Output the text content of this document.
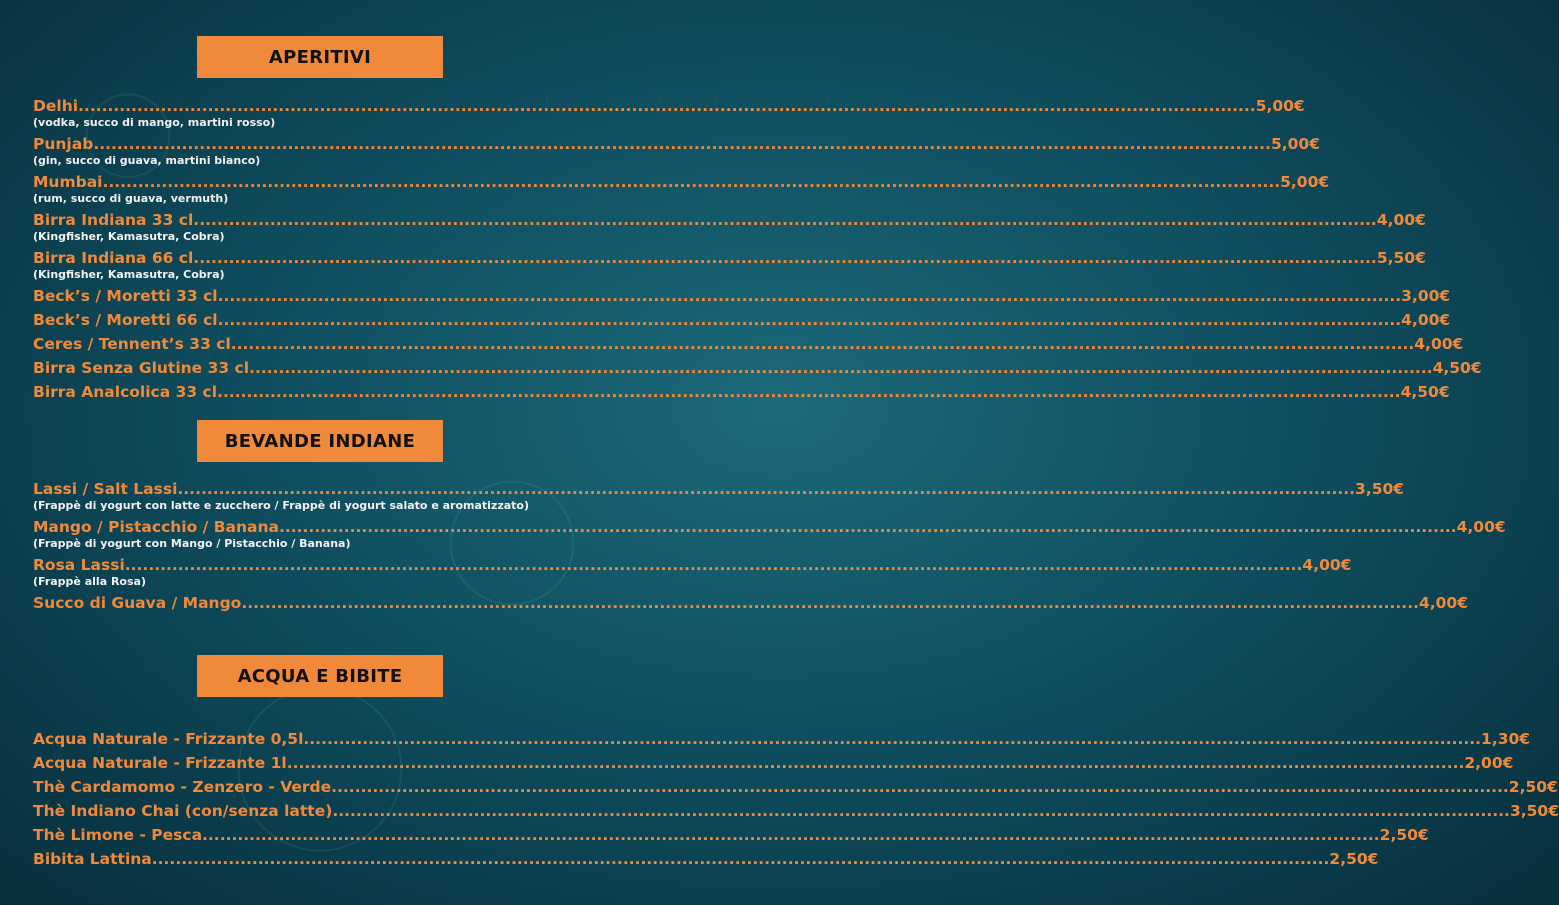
APERITIVI
Delhi ........................................................................................................................................................................................................ 5,00€
(vodka, succo di mango, martini rosso)
Punjab ........................................................................................................................................................................................................ 5,00€
(gin, succo di guava, martini bianco)
Mumbai ........................................................................................................................................................................................................ 5,00€
(rum, succo di guava, vermuth)
Birra Indiana 33 cl. ........................................................................................................................................................................................................ 4,00€
(Kingfisher, Kamasutra, Cobra)
Birra Indiana 66 cl. ........................................................................................................................................................................................................ 5,50€
(Kingfisher, Kamasutra, Cobra)
Beck’s / Moretti 33 cl. ........................................................................................................................................................................................................ 3,00€
Beck’s / Moretti 66 cl. ........................................................................................................................................................................................................ 4,00€
Ceres / Tennent’s 33 cl. ........................................................................................................................................................................................................ 4,00€
Birra Senza Glutine 33 cl. ........................................................................................................................................................................................................ 4,50€
Birra Analcolica 33 cl. ........................................................................................................................................................................................................ 4,50€
BEVANDE INDIANE
Lassi / Salt Lassi ........................................................................................................................................................................................................ 3,50€
(Frappè di yogurt con latte e zucchero / Frappè di yogurt salato e aromatizzato)
Mango / Pistacchio / Banana ........................................................................................................................................................................................................ 4,00€
(Frappè di yogurt con Mango / Pistacchio / Banana)
Rosa Lassi ........................................................................................................................................................................................................ 4,00€
(Frappè alla Rosa)
Succo di Guava / Mango ........................................................................................................................................................................................................ 4,00€
ACQUA E BIBITE
Acqua Naturale - Frizzante 0,5l ........................................................................................................................................................................................................ 1,30€
Acqua Naturale - Frizzante 1l ........................................................................................................................................................................................................ 2,00€
Thè Cardamomo - Zenzero - Verde ........................................................................................................................................................................................................ 2,50€
Thè Indiano Chai (con/senza latte) ........................................................................................................................................................................................................ 3,50€
Thè Limone - Pesca ........................................................................................................................................................................................................ 2,50€
Bibita Lattina ........................................................................................................................................................................................................ 2,50€
